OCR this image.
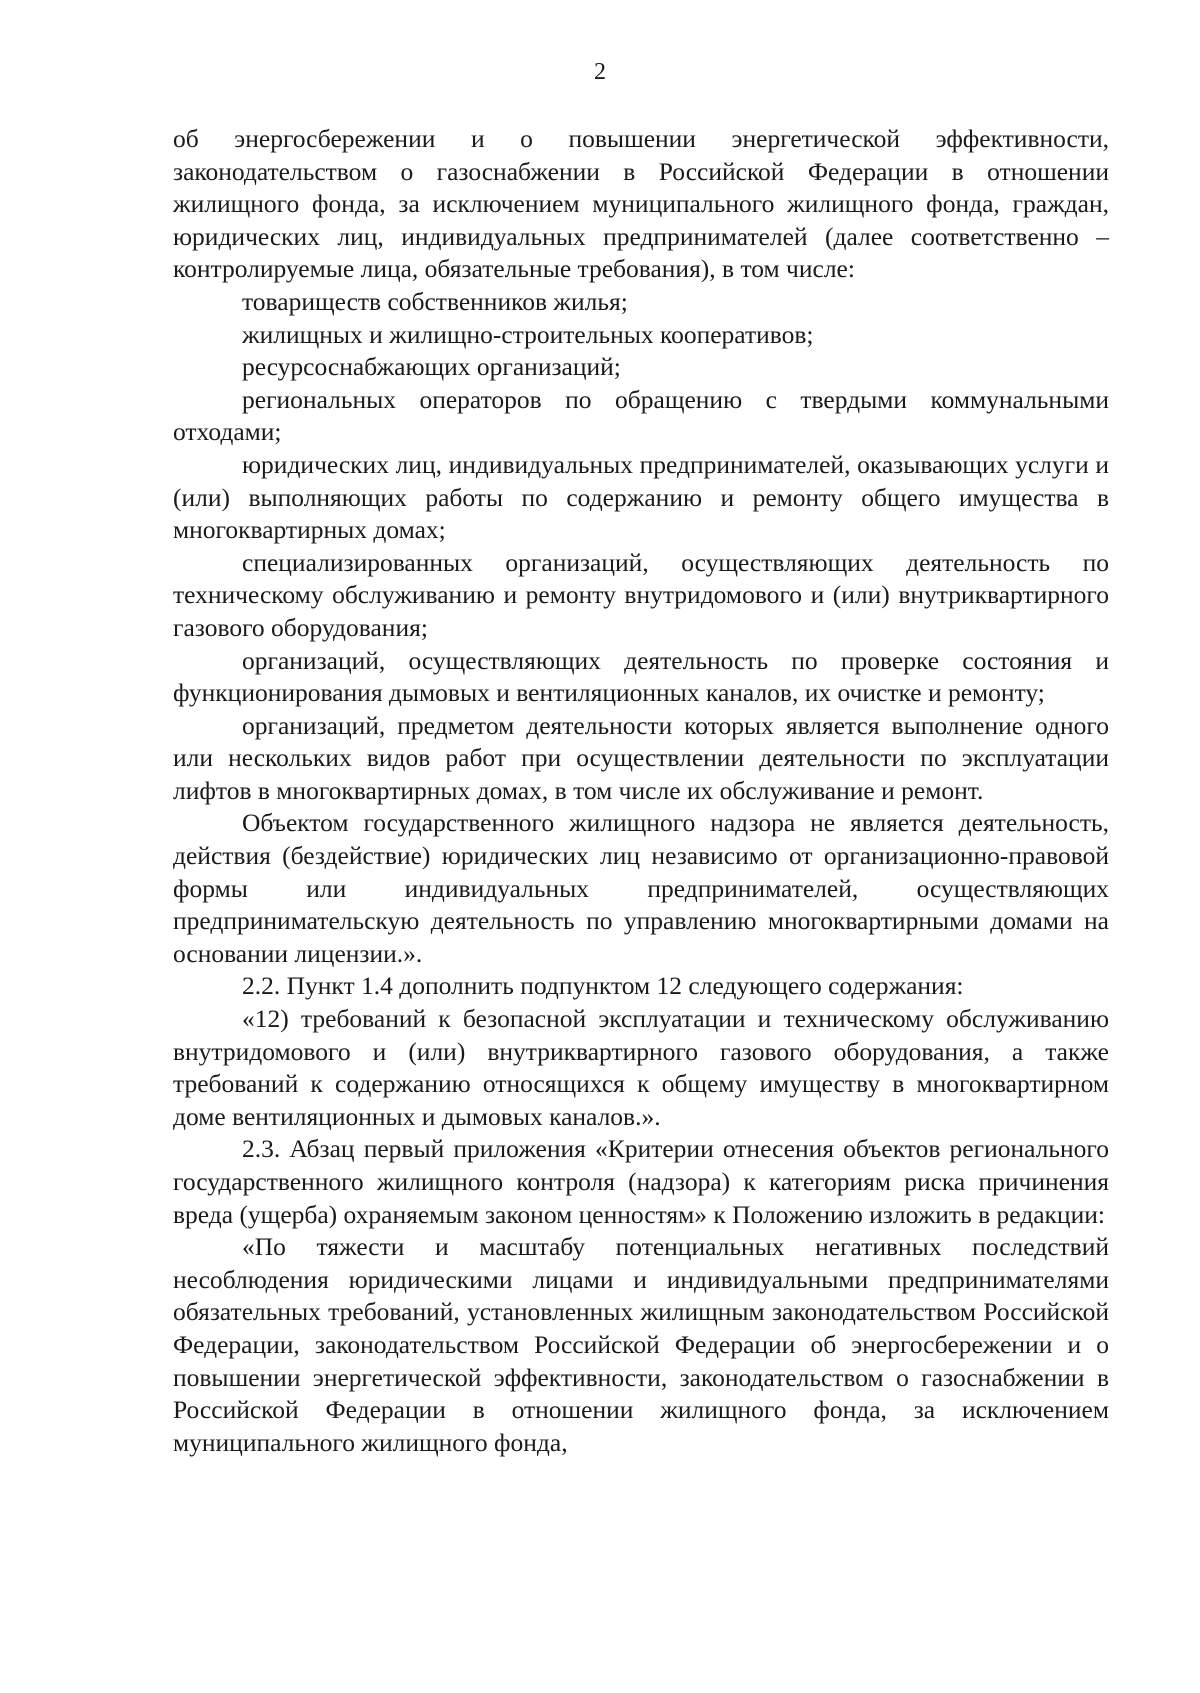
2

об энергосбережении и о повышении энергетической эффективности, законодательством о газоснабжении в Российской Федерации в отношении жилищного фонда, за исключением муниципального жилищного фонда, граждан, юридических лиц, индивидуальных предпринимателей (далее соответственно – контролируемые лица, обязательные требования), в том числе:

товариществ собственников жилья;

жилищных и жилищно-строительных кооперативов;

ресурсоснабжающих организаций;

региональных операторов по обращению с твердыми коммунальными отходами;

юридических лиц, индивидуальных предпринимателей, оказывающих услуги и (или) выполняющих работы по содержанию и ремонту общего имущества в многоквартирных домах;

специализированных организаций, осуществляющих деятельность по техническому обслуживанию и ремонту внутридомового и (или) внутриквартирного газового оборудования;

организаций, осуществляющих деятельность по проверке состояния и функционирования дымовых и вентиляционных каналов, их очистке и ремонту;

организаций, предметом деятельности которых является выполнение одного или нескольких видов работ при осуществлении деятельности по эксплуатации лифтов в многоквартирных домах, в том числе их обслуживание и ремонт.

Объектом государственного жилищного надзора не является деятельность, действия (бездействие) юридических лиц независимо от организационно-правовой формы или индивидуальных предпринимателей, осуществляющих предпринимательскую деятельность по управлению многоквартирными домами на основании лицензии.».

2.2. Пункт 1.4 дополнить подпунктом 12 следующего содержания:

«12) требований к безопасной эксплуатации и техническому обслуживанию внутридомового и (или) внутриквартирного газового оборудования, а также требований к содержанию относящихся к общему имуществу в многоквартирном доме вентиляционных и дымовых каналов.».

2.3. Абзац первый приложения «Критерии отнесения объектов регионального государственного жилищного контроля (надзора) к категориям риска причинения вреда (ущерба) охраняемым законом ценностям» к Положению изложить в редакции:

«По тяжести и масштабу потенциальных негативных последствий несоблюдения юридическими лицами и индивидуальными предпринимателями обязательных требований, установленных жилищным законодательством Российской Федерации, законодательством Российской Федерации об энергосбережении и о повышении энергетической эффективности, законодательством о газоснабжении в Российской Федерации в отношении жилищного фонда, за исключением муниципального жилищного фонда,
